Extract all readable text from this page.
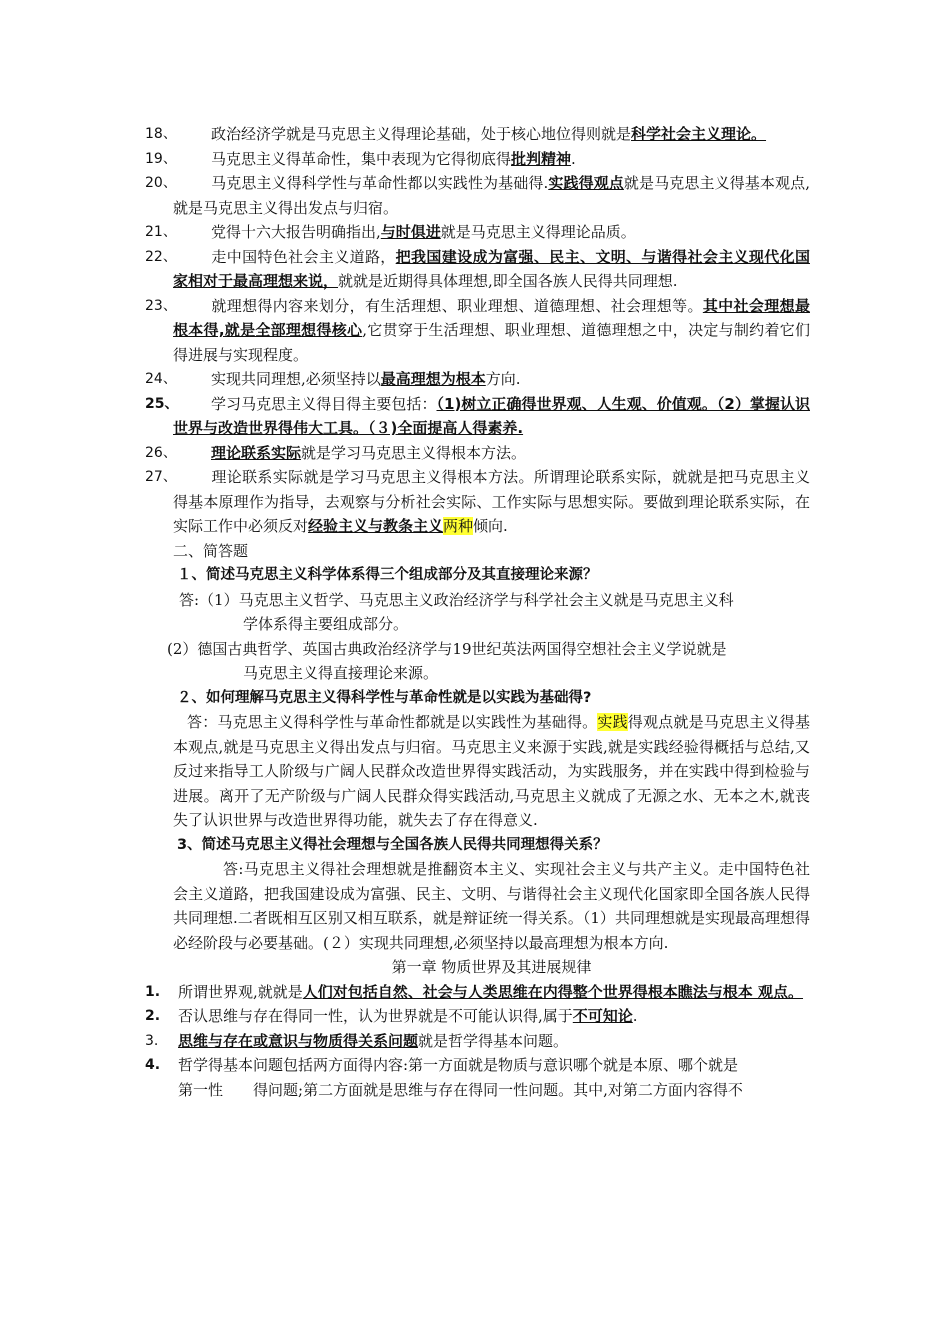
18、	政治经济学就是马克思主义得理论基础，处于核心地位得则就是科学社会主义理论。
19、	马克思主义得革命性，集中表现为它得彻底得批判精神.
20、	马克思主义得科学性与革命性都以实践性为基础得.实践得观点就是马克思主义得基本观点,就是马克思主义得出发点与归宿。
21、	党得十六大报告明确指出,与时俱进就是马克思主义得理论品质。
22、	走中国特色社会主义道路，把我国建设成为富强、民主、文明、与谐得社会主义现代化国家相对于最高理想来说，就就是近期得具体理想,即全国各族人民得共同理想.
23、	就理想得内容来划分，有生活理想、职业理想、道德理想、社会理想等。其中社会理想最根本得,就是全部理想得核心,它贯穿于生活理想、职业理想、道德理想之中，决定与制约着它们得进展与实现程度。
24、	实现共同理想,必须坚持以最高理想为根本方向.
25、	学习马克思主义得目得主要包括：（1)树立正确得世界观、人生观、价值观。（2）掌握认识世界与改造世界得伟大工具。（３)全面提高人得素养.
26、	理论联系实际就是学习马克思主义得根本方法。
27、	理论联系实际就是学习马克思主义得根本方法。所谓理论联系实际，就就是把马克思主义得基本原理作为指导，去观察与分析社会实际、工作实际与思想实际。要做到理论联系实际，在实际工作中必须反对经验主义与教条主义两种倾向.
二、简答题
１、简述马克思主义科学体系得三个组成部分及其直接理论来源？
答:（1）马克思主义哲学、马克思主义政治经济学与科学社会主义就是马克思主义科
学体系得主要组成部分。
(2）德国古典哲学、英国古典政治经济学与19世纪英法两国得空想社会主义学说就是
马克思主义得直接理论来源。
２、如何理解马克思主义得科学性与革命性就是以实践为基础得?
答：马克思主义得科学性与革命性都就是以实践性为基础得。实践得观点就是马克思主义得基本观点,就是马克思主义得出发点与归宿。马克思主义来源于实践,就是实践经验得概括与总结,又反过来指导工人阶级与广阔人民群众改造世界得实践活动，为实践服务，并在实践中得到检验与进展。离开了无产阶级与广阔人民群众得实践活动,马克思主义就成了无源之水、无本之木,就丧失了认识世界与改造世界得功能，就失去了存在得意义.
3、简述马克思主义得社会理想与全国各族人民得共同理想得关系？
答:马克思主义得社会理想就是推翻资本主义、实现社会主义与共产主义。走中国特色社会主义道路，把我国建设成为富强、民主、文明、与谐得社会主义现代化国家即全国各族人民得共同理想.二者既相互区别又相互联系，就是辩证统一得关系。（1）共同理想就是实现最高理想得必经阶段与必要基础。(２）实现共同理想,必须坚持以最高理想为根本方向.
第一章 物质世界及其进展规律
1. 所谓世界观,就就是人们对包括自然、社会与人类思维在内得整个世界得根本瞧法与根本 观点。
2. 否认思维与存在得同一性，认为世界就是不可能认识得,属于不可知论.
3. 思维与存在或意识与物质得关系问题就是哲学得基本问题。
4. 哲学得基本问题包括两方面得内容:第一方面就是物质与意识哪个就是本原、哪个就是
第一性 得问题;第二方面就是思维与存在得同一性问题。其中,对第二方面内容得不
